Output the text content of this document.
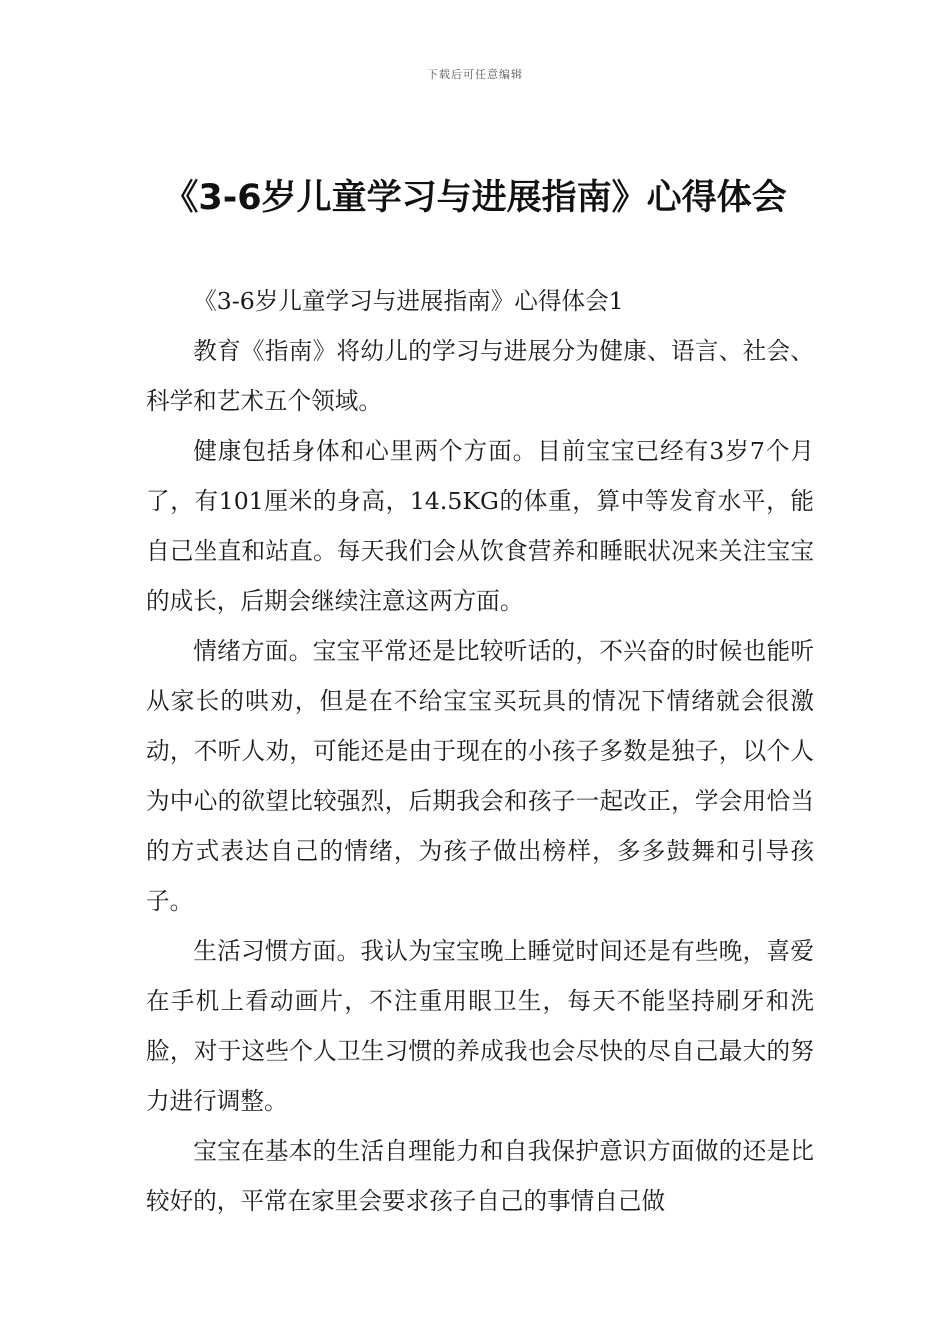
下载后可任意编辑
《3-6岁儿童学习与进展指南》心得体会

《3-6岁儿童学习与进展指南》心得体会1

教育《指南》将幼儿的学习与进展分为健康、语言、社会、科学和艺术五个领域。

健康包括身体和心里两个方面。目前宝宝已经有3岁7个月了，有101厘米的身高，14.5KG的体重，算中等发育水平，能自己坐直和站直。每天我们会从饮食营养和睡眠状况来关注宝宝的成长，后期会继续注意这两方面。

情绪方面。宝宝平常还是比较听话的，不兴奋的时候也能听从家长的哄劝，但是在不给宝宝买玩具的情况下情绪就会很激动，不听人劝，可能还是由于现在的小孩子多数是独子，以个人为中心的欲望比较强烈，后期我会和孩子一起改正，学会用恰当的方式表达自己的情绪，为孩子做出榜样，多多鼓舞和引导孩子。

生活习惯方面。我认为宝宝晚上睡觉时间还是有些晚，喜爱在手机上看动画片，不注重用眼卫生，每天不能坚持刷牙和洗脸，对于这些个人卫生习惯的养成我也会尽快的尽自己最大的努力进行调整。

宝宝在基本的生活自理能力和自我保护意识方面做的还是比较好的，平常在家里会要求孩子自己的事情自己做
